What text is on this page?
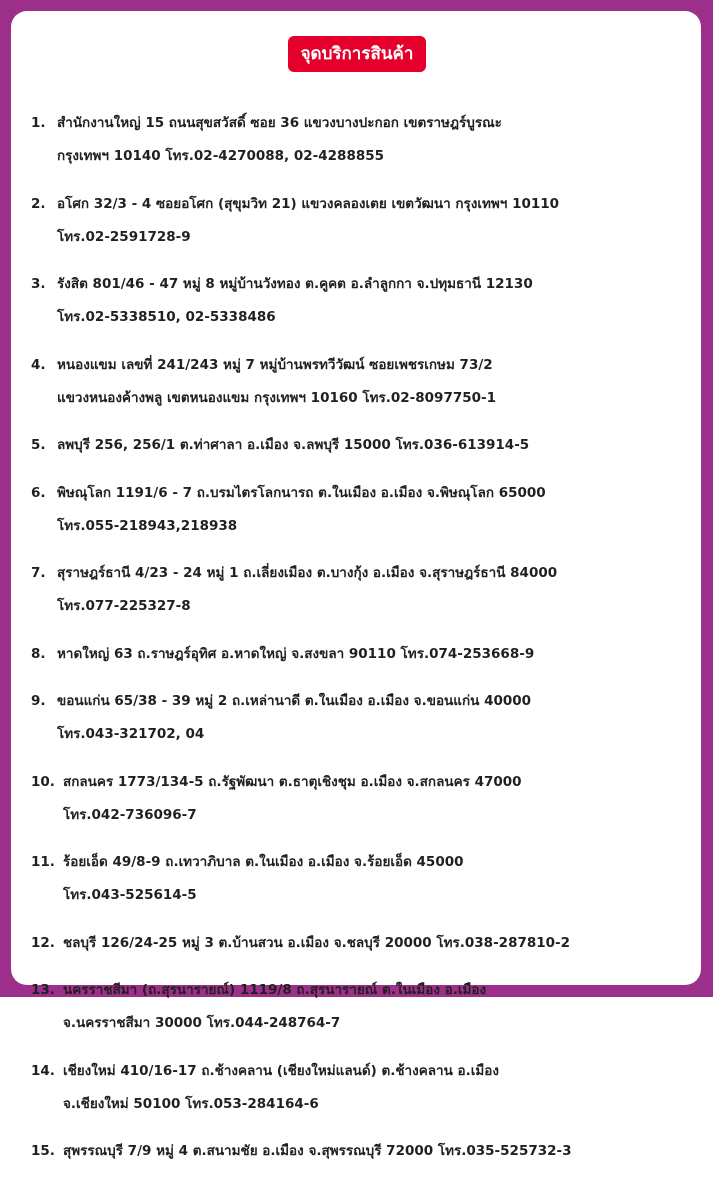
จุดบริการสินค้า
1. สำนักงานใหญ่ 15 ถนนสุขสวัสดิ์ ซอย 36 แขวงบางปะกอก เขตราษฎร์บูรณะ
กรุงเทพฯ 10140 โทร.02-4270088, 02-4288855
2. อโศก 32/3 - 4 ซอยอโศก (สุขุมวิท 21) แขวงคลองเตย เขตวัฒนา กรุงเทพฯ 10110
โทร.02-2591728-9
3. รังสิต 801/46 - 47 หมู่ 8 หมู่บ้านวังทอง ต.คูคต อ.ลำลูกกา จ.ปทุมธานี 12130
โทร.02-5338510, 02-5338486
4. หนองแขม เลขที่ 241/243 หมู่ 7 หมู่บ้านพรทวีวัฒน์ ซอยเพชรเกษม 73/2
แขวงหนองค้างพลู เขตหนองแขม กรุงเทพฯ 10160 โทร.02-8097750-1
5. ลพบุรี 256, 256/1 ต.ท่าศาลา อ.เมือง จ.ลพบุรี 15000 โทร.036-613914-5
6. พิษณุโลก 1191/6 - 7 ถ.บรมไตรโลกนารถ ต.ในเมือง อ.เมือง จ.พิษณุโลก 65000
โทร.055-218943,218938
7. สุราษฎร์ธานี 4/23 - 24 หมู่ 1 ถ.เลี่ยงเมือง ต.บางกุ้ง อ.เมือง จ.สุราษฎร์ธานี 84000
โทร.077-225327-8
8. หาดใหญ่ 63 ถ.ราษฎร์อุทิศ อ.หาดใหญ่ จ.สงขลา 90110 โทร.074-253668-9
9. ขอนแก่น 65/38 - 39 หมู่ 2 ถ.เหล่านาดี ต.ในเมือง อ.เมือง จ.ขอนแก่น 40000
โทร.043-321702, 04
10. สกลนคร 1773/134-5 ถ.รัฐพัฒนา ต.ธาตุเชิงชุม อ.เมือง จ.สกลนคร 47000
โทร.042-736096-7
11. ร้อยเอ็ด 49/8-9 ถ.เทวาภิบาล ต.ในเมือง อ.เมือง จ.ร้อยเอ็ด 45000
โทร.043-525614-5
12. ชลบุรี 126/24-25 หมู่ 3 ต.บ้านสวน อ.เมือง จ.ชลบุรี 20000 โทร.038-287810-2
13. นครราชสีมา (ถ.สุรนารายณ์) 1119/8 ถ.สุรนารายณ์ ต.ในเมือง อ.เมือง
จ.นครราชสีมา 30000 โทร.044-248764-7
14. เชียงใหม่ 410/16-17 ถ.ช้างคลาน (เชียงใหม่แลนด์) ต.ช้างคลาน อ.เมือง
จ.เชียงใหม่ 50100 โทร.053-284164-6
15. สุพรรณบุรี 7/9 หมู่ 4 ต.สนามชัย อ.เมือง จ.สุพรรณบุรี 72000 โทร.035-525732-3
